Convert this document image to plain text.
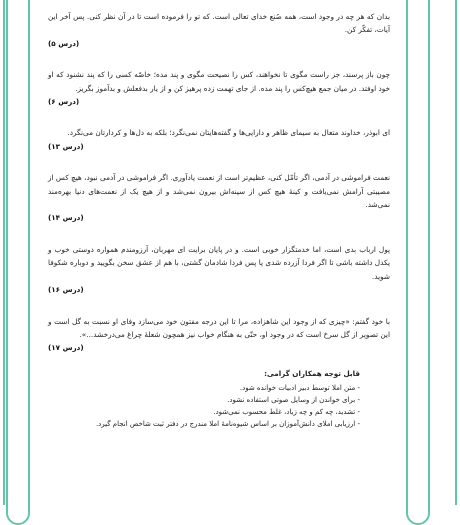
بدان که هر چه در وجود است، همه صُنع خدای تعالی است. که تو را فرموده است تا در آن نظر کنی. پس آخر این آیات، تفکّر کن.
(درس ۵)
چون باز پرسند، جز راست مگوی تا نخواهند، کس را نصیحت مگوی و پند مده؛ خاصّه کسی را که پند نشنود که او خود اوفتد. در میان جمع هیچ‌کس را پند مده. از جای تهمت زده پرهیز کن و از یار بدفعلش و بدآموز بگریز.
(درس ۶)
ای ابوذر، خداوند متعال به سیمای ظاهر و دارایی‌ها و گفته‌هایتان نمی‌نگرد؛ بلکه به دل‌ها و کردارتان می‌نگرد.
(درس ۱۳)
نعمت فراموشی در آدمی، اگر تأمّل کنی، عظیم‌تر است از نعمت یادآوری. اگر فراموشی در آدمی نبود، هیچ کس از مصیبتی آرامش نمی‌یافت و کینهٔ هیچ کس از سینه‌اش بیرون نمی‌شد و از هیچ یک از نعمت‌های دنیا بهره‌مند نمی‌شد.
(درس ۱۴)
پول ارباب بدی است، اما خدمتگزار خوبی است. و در پایان برایت ای مهربان، آرزومندم همواره دوستی خوب و یکدل داشته باشی تا اگر فردا آزرده شدی یا پس فردا شادمان گشتی، با هم از عشق سخن بگویید و دوباره شکوفا شوید.
(درس ۱۶)
با خود گفتم: «چیزی که از وجود این شاهزاده، مرا تا این درجه مفتون خود می‌سازد وفای او نسبت به گل است و این تصویر از گل سرخ است که در وجود او، حتّی به هنگام خواب نیز همچون شعلهٔ چراغ می‌درخشد...».
(درس ۱۷)
قابل توجه همکاران گرامی:
- متن املا توسط دبیر ادبیات خوانده شود.
- برای خواندن از وسایل صوتی استفاده نشود.
- تشدید، چه کم و چه زیاد، غلط محسوب نمی‌شود.
- ارزیابی املای دانش‌آموزان بر اساس شیوه‌نامهٔ املا مندرج در دفتر ثبت شاخص انجام گیرد.
